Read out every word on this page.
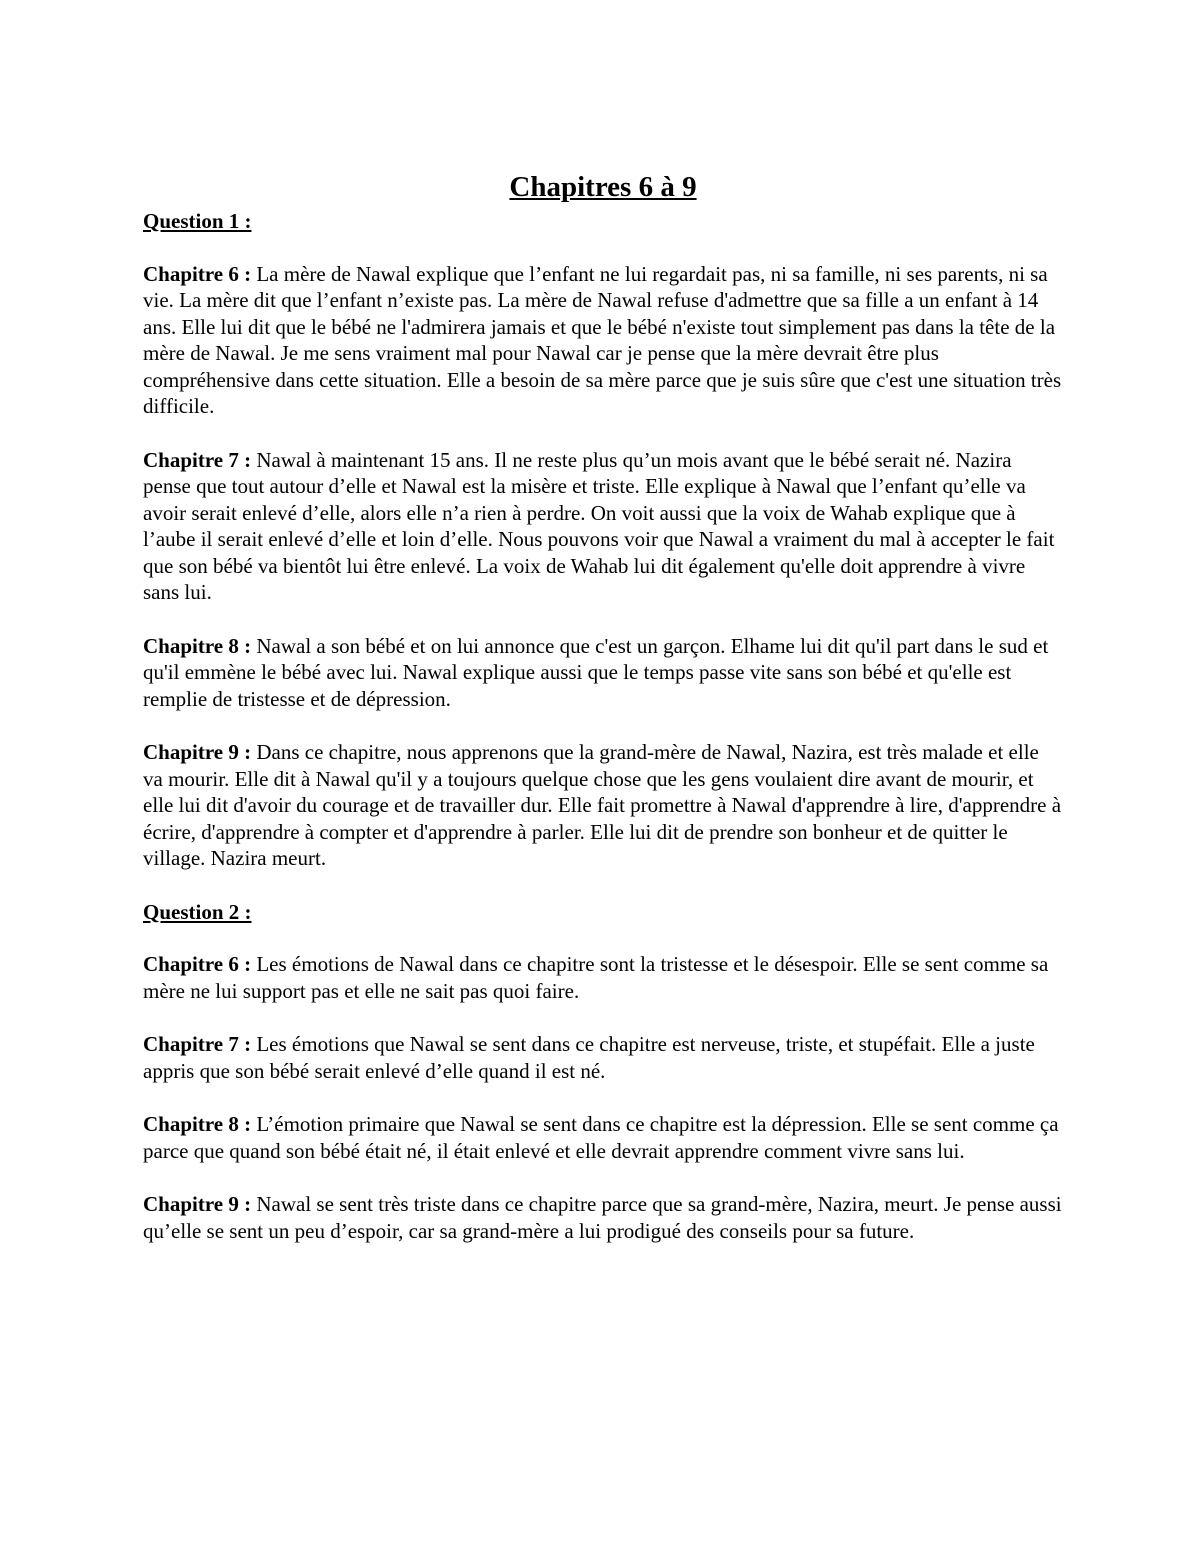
Chapitres 6 à 9
Question 1 :

Chapitre 6 : La mère de Nawal explique que l’enfant ne lui regardait pas, ni sa famille, ni ses parents, ni sa vie. La mère dit que l’enfant n’existe pas. La mère de Nawal refuse d'admettre que sa fille a un enfant à 14 ans. Elle lui dit que le bébé ne l'admirera jamais et que le bébé n'existe tout simplement pas dans la tête de la mère de Nawal. Je me sens vraiment mal pour Nawal car je pense que la mère devrait être plus compréhensive dans cette situation. Elle a besoin de sa mère parce que je suis sûre que c'est une situation très difficile.

Chapitre 7 : Nawal à maintenant 15 ans. Il ne reste plus qu’un mois avant que le bébé serait né. Nazira pense que tout autour d’elle et Nawal est la misère et triste. Elle explique à Nawal que l’enfant qu’elle va avoir serait enlevé d’elle, alors elle n’a rien à perdre. On voit aussi que la voix de Wahab explique que à l’aube il serait enlevé d’elle et loin d’elle. Nous pouvons voir que Nawal a vraiment du mal à accepter le fait que son bébé va bientôt lui être enlevé. La voix de Wahab lui dit également qu'elle doit apprendre à vivre sans lui.

Chapitre 8 : Nawal a son bébé et on lui annonce que c'est un garçon. Elhame lui dit qu'il part dans le sud et qu'il emmène le bébé avec lui. Nawal explique aussi que le temps passe vite sans son bébé et qu'elle est remplie de tristesse et de dépression.

Chapitre 9 : Dans ce chapitre, nous apprenons que la grand-mère de Nawal, Nazira, est très malade et elle va mourir. Elle dit à Nawal qu'il y a toujours quelque chose que les gens voulaient dire avant de mourir, et elle lui dit d'avoir du courage et de travailler dur. Elle fait promettre à Nawal d'apprendre à lire, d'apprendre à écrire, d'apprendre à compter et d'apprendre à parler. Elle lui dit de prendre son bonheur et de quitter le village. Nazira meurt.

Question 2 :

Chapitre 6 : Les émotions de Nawal dans ce chapitre sont la tristesse et le désespoir. Elle se sent comme sa mère ne lui support pas et elle ne sait pas quoi faire.

Chapitre 7 : Les émotions que Nawal se sent dans ce chapitre est nerveuse, triste, et stupéfait. Elle a juste appris que son bébé serait enlevé d’elle quand il est né.

Chapitre 8 : L’émotion primaire que Nawal se sent dans ce chapitre est la dépression. Elle se sent comme ça parce que quand son bébé était né, il était enlevé et elle devrait apprendre comment vivre sans lui.

Chapitre 9 : Nawal se sent très triste dans ce chapitre parce que sa grand-mère, Nazira, meurt. Je pense aussi qu’elle se sent un peu d’espoir, car sa grand-mère a lui prodigué des conseils pour sa future.
